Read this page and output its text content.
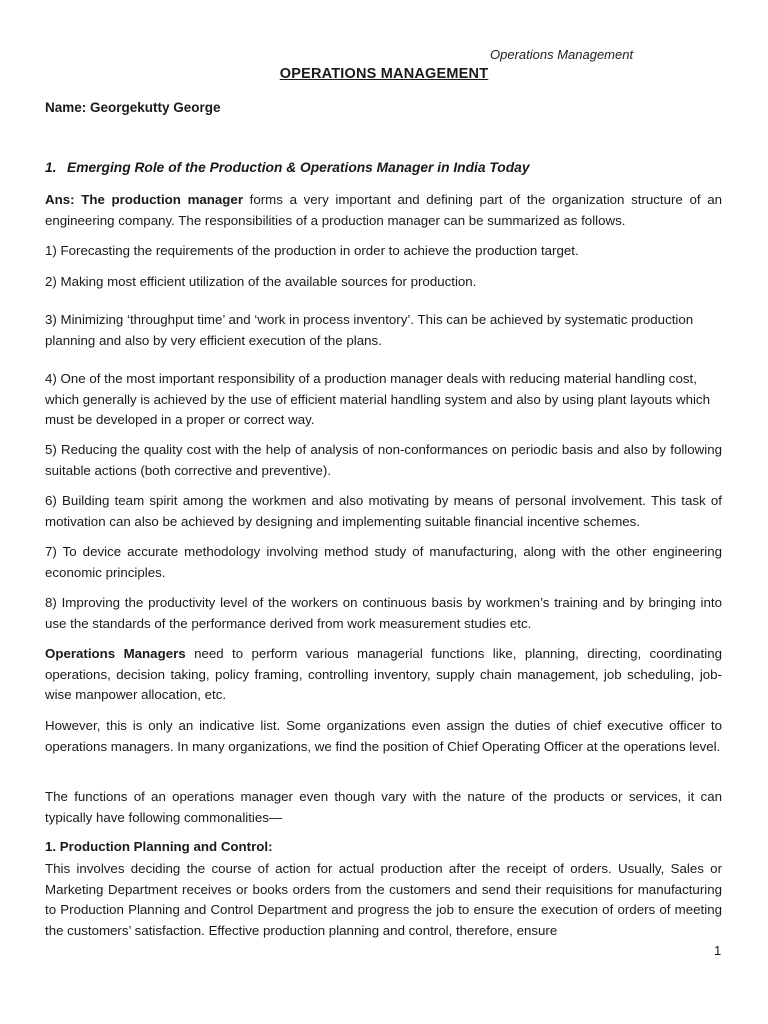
Operations Management
OPERATIONS MANAGEMENT
Name: Georgekutty George
1. Emerging Role of the Production & Operations Manager in India Today
Ans: The production manager forms a very important and defining part of the organization structure of an engineering company. The responsibilities of a production manager can be summarized as follows.
1) Forecasting the requirements of the production in order to achieve the production target.
2) Making most efficient utilization of the available sources for production.
3) Minimizing ‘throughput time’ and ‘work in process inventory’. This can be achieved by systematic production planning and also by very efficient execution of the plans.
4) One of the most important responsibility of a production manager deals with reducing material handling cost, which generally is achieved by the use of efficient material handling system and also by using plant layouts which must be developed in a proper or correct way.
5) Reducing the quality cost with the help of analysis of non-conformances on periodic basis and also by following suitable actions (both corrective and preventive).
6) Building team spirit among the workmen and also motivating by means of personal involvement. This task of motivation can also be achieved by designing and implementing suitable financial incentive schemes.
7) To device accurate methodology involving method study of manufacturing, along with the other engineering economic principles.
8) Improving the productivity level of the workers on continuous basis by workmen’s training and by bringing into use the standards of the performance derived from work measurement studies etc.
Operations Managers need to perform various managerial functions like, planning, directing, coordinating operations, decision taking, policy framing, controlling inventory, supply chain management, job scheduling, job-wise manpower allocation, etc.
However, this is only an indicative list. Some organizations even assign the duties of chief executive officer to operations managers. In many organizations, we find the position of Chief Operating Officer at the operations level.
The functions of an operations manager even though vary with the nature of the products or services, it can typically have following commonalities—
1. Production Planning and Control:
This involves deciding the course of action for actual production after the receipt of orders. Usually, Sales or Marketing Department receives or books orders from the customers and send their requisitions for manufacturing to Production Planning and Control Department and progress the job to ensure the execution of orders of meeting the customers’ satisfaction. Effective production planning and control, therefore, ensure
1
